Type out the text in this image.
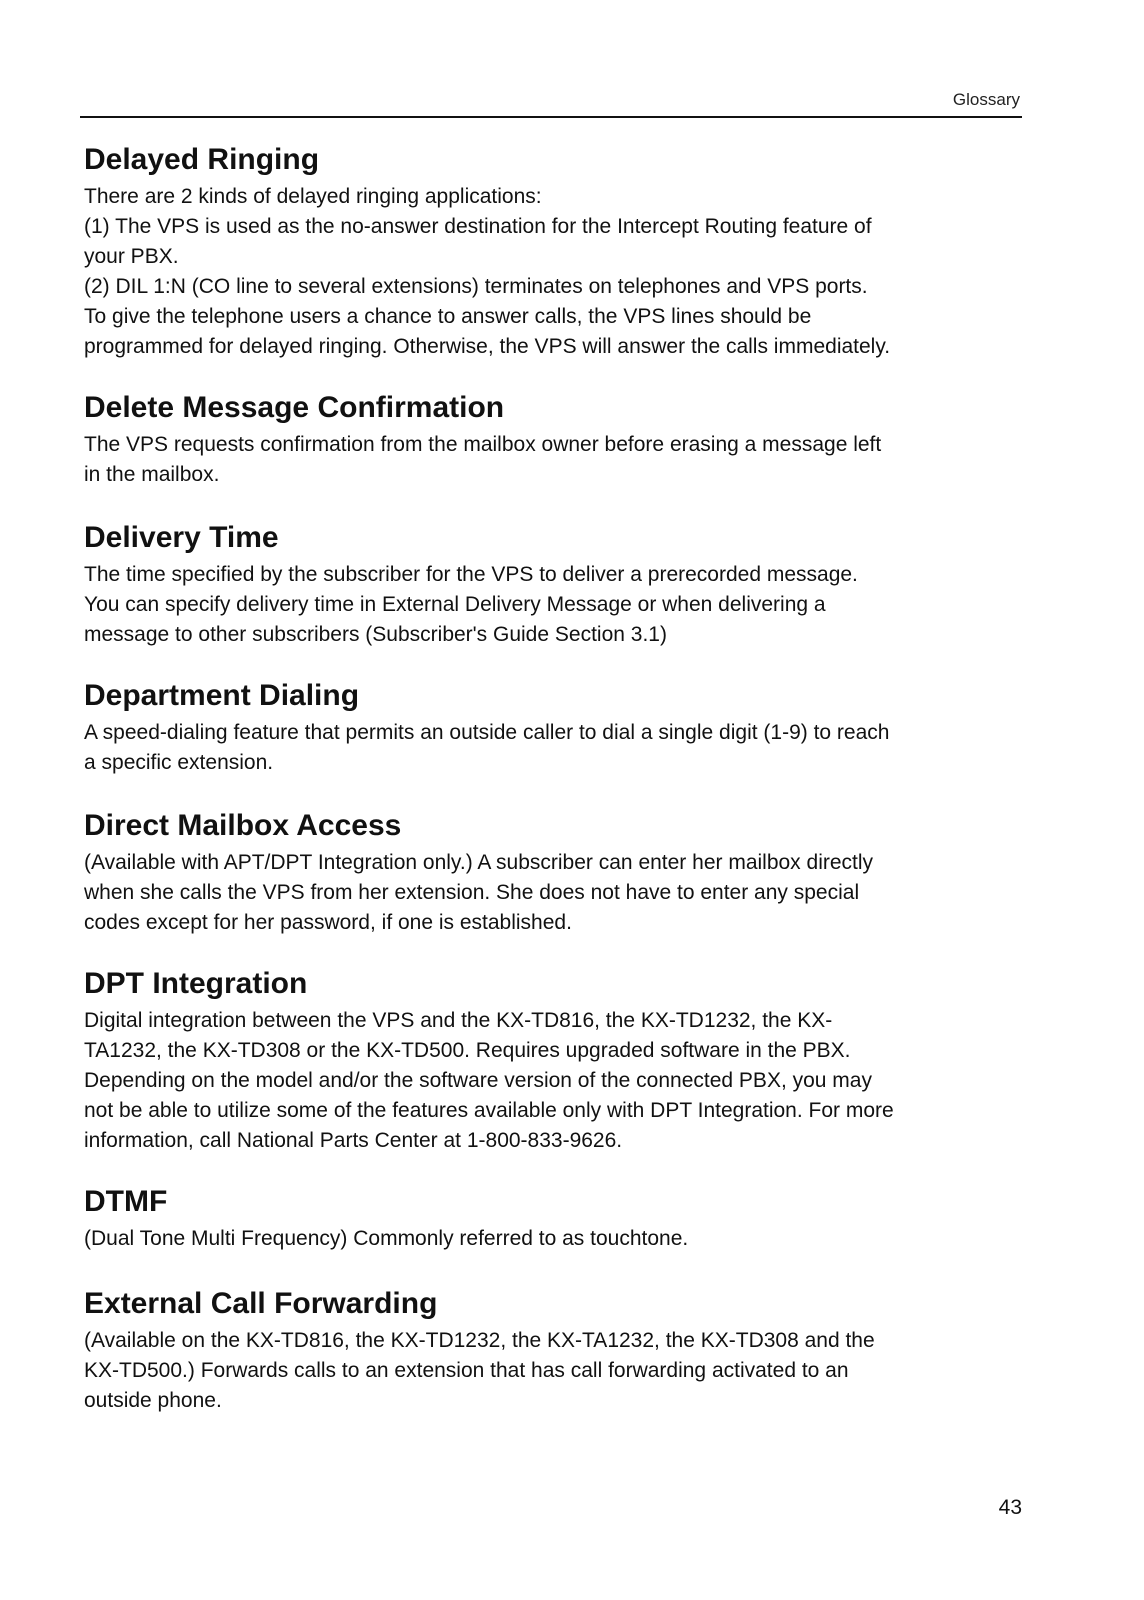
Glossary
Delayed Ringing

There are 2 kinds of delayed ringing applications:
(1) The VPS is used as the no-answer destination for the Intercept Routing feature of
your PBX.
(2) DIL 1:N (CO line to several extensions) terminates on telephones and VPS ports.
To give the telephone users a chance to answer calls, the VPS lines should be
programmed for delayed ringing. Otherwise, the VPS will answer the calls immediately.

Delete Message Confirmation

The VPS requests confirmation from the mailbox owner before erasing a message left
in the mailbox.

Delivery Time

The time specified by the subscriber for the VPS to deliver a prerecorded message.
You can specify delivery time in External Delivery Message or when delivering a
message to other subscribers (Subscriber's Guide Section 3.1)

Department Dialing

A speed-dialing feature that permits an outside caller to dial a single digit (1-9) to reach
a specific extension.

Direct Mailbox Access

(Available with APT/DPT Integration only.) A subscriber can enter her mailbox directly
when she calls the VPS from her extension. She does not have to enter any special
codes except for her password, if one is established.

DPT Integration

Digital integration between the VPS and the KX-TD816, the KX-TD1232, the KX-
TA1232, the KX-TD308 or the KX-TD500. Requires upgraded software in the PBX.
Depending on the model and/or the software version of the connected PBX, you may
not be able to utilize some of the features available only with DPT Integration. For more
information, call National Parts Center at 1-800-833-9626.

DTMF

(Dual Tone Multi Frequency) Commonly referred to as touchtone.

External Call Forwarding

(Available on the KX-TD816, the KX-TD1232, the KX-TA1232, the KX-TD308 and the
KX-TD500.) Forwards calls to an extension that has call forwarding activated to an
outside phone.

43
